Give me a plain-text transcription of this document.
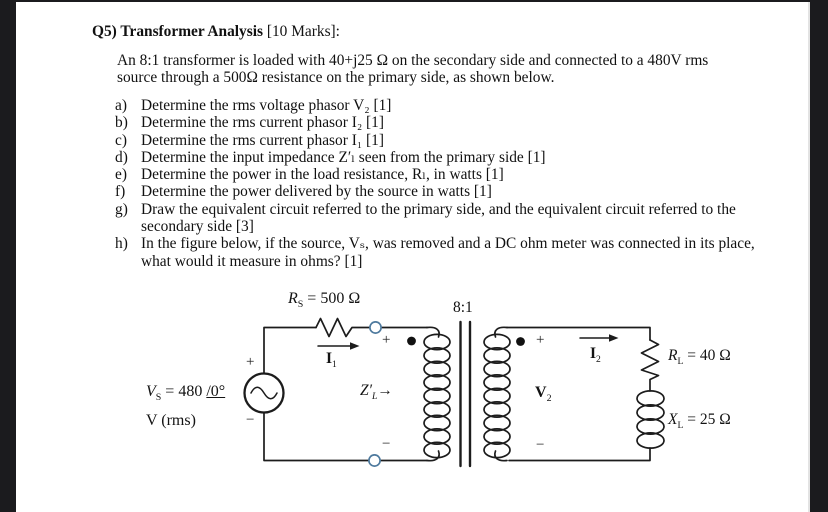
Q5) Transformer Analysis [10 Marks]:
An 8:1 transformer is loaded with 40+j25 Ω on the secondary side and connected to a 480V rms
source through a 500Ω resistance on the primary side, as shown below.
a) Determine the rms voltage phasor V₂ [1]
b) Determine the rms current phasor I₂ [1]
c) Determine the rms current phasor I₁ [1]
d) Determine the input impedance Z′ₗ seen from the primary side [1]
e) Determine the power in the load resistance, Rₗ, in watts [1]
f)	Determine the power delivered by the source in watts [1]
g) Draw the equivalent circuit referred to the primary side, and the equivalent circuit referred to the secondary side [3]
h) In the figure below, if the source, Vₛ, was removed and a DC ohm meter was connected in its place, what would it measure in ohms? [1]
$R_S = 500$ Ω
8:1
$I_1$
$Z'_L\to$	$V_2$
$I_2$	$R_L = 40$ Ω
$X_L = 25$ Ω
$V_S = 480$ /0°
V (rms)
+
−
+
−
+
−
